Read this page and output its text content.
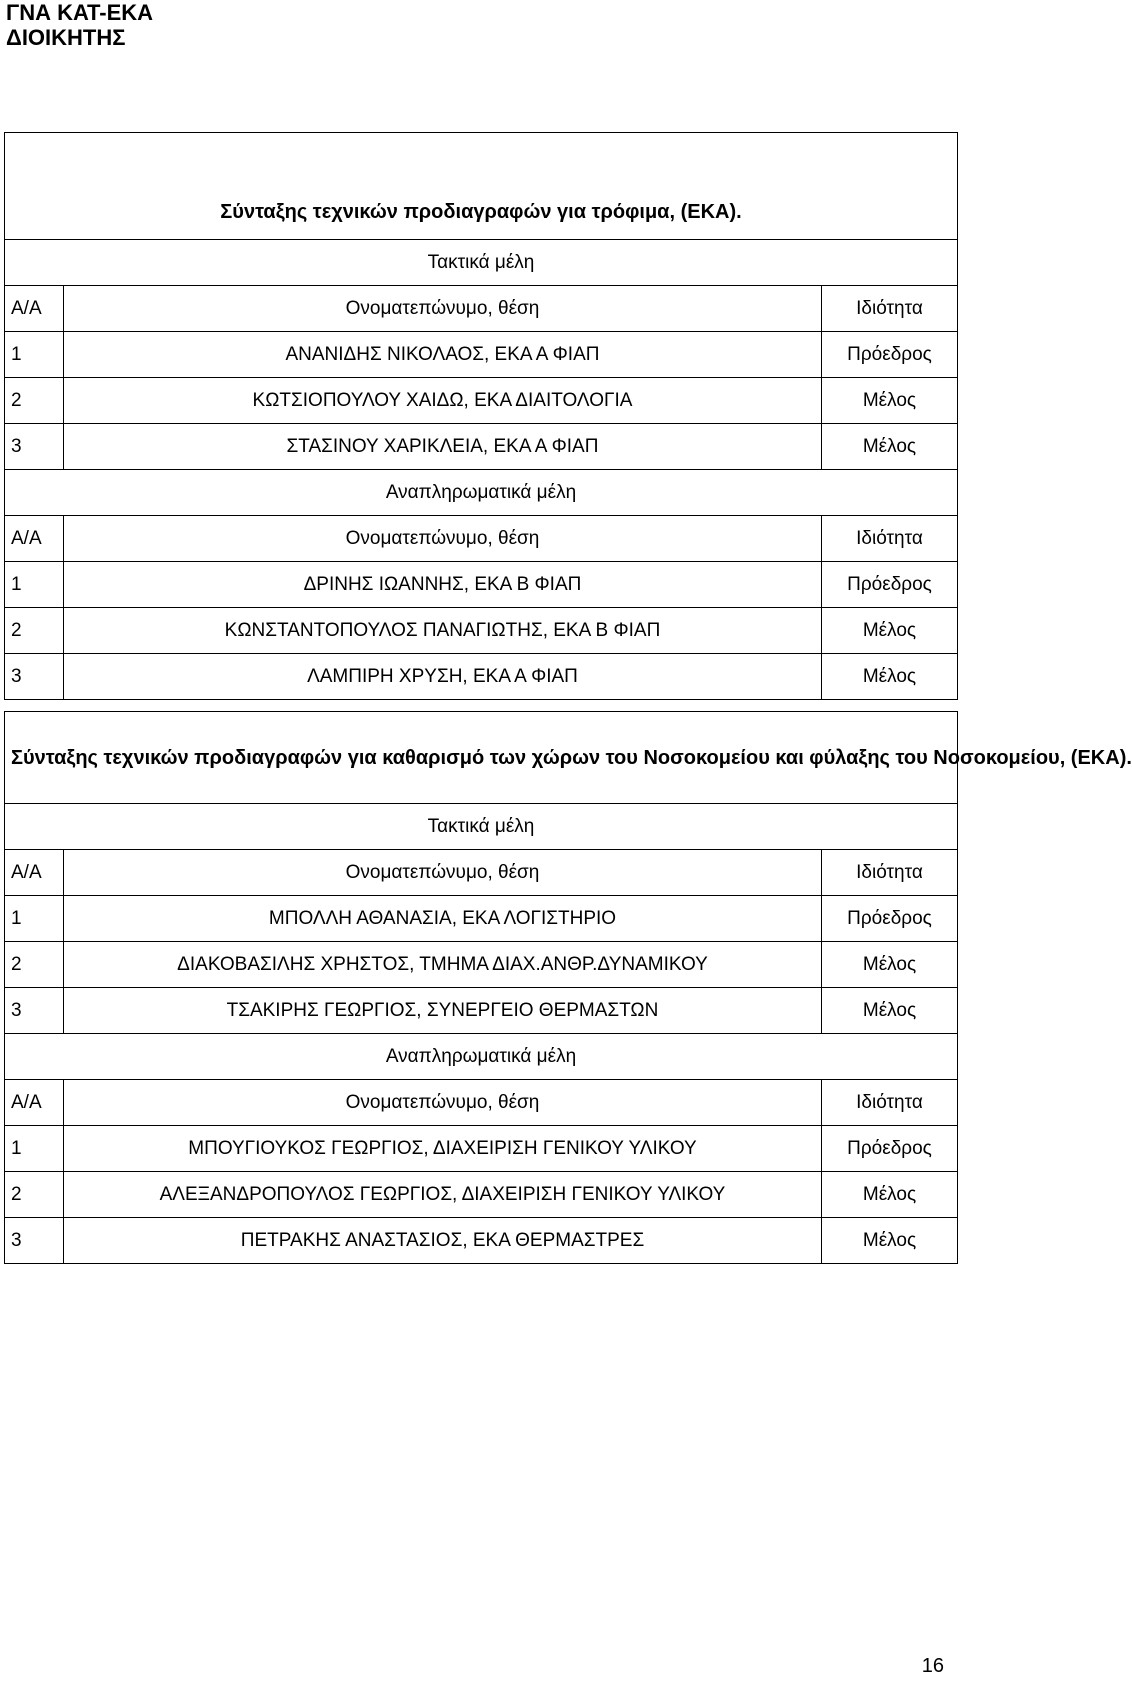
ΓΝΑ ΚΑΤ-ΕΚΑ
ΔΙΟΙΚΗΤΗΣ
Σύνταξης τεχνικών προδιαγραφών για τρόφιμα, (ΕΚΑ).		
Τακτικά μέλη		
Α/Α	Ονοματεπώνυμο, θέση	Ιδιότητα
1	ΑΝΑΝΙΔΗΣ ΝΙΚΟΛΑΟΣ, ΕΚΑ Α ΦΙΑΠ	Πρόεδρος
2	ΚΩΤΣΙΟΠΟΥΛΟΥ ΧΑΙΔΩ, ΕΚΑ ΔΙΑΙΤΟΛΟΓΙΑ	Μέλος
3	ΣΤΑΣΙΝΟΥ ΧΑΡΙΚΛΕΙΑ, ΕΚΑ Α ΦΙΑΠ	Μέλος
Αναπληρωματικά μέλη		
Α/Α	Ονοματεπώνυμο, θέση	Ιδιότητα
1	ΔΡΙΝΗΣ ΙΩΑΝΝΗΣ, ΕΚΑ Β ΦΙΑΠ	Πρόεδρος
2	ΚΩΝΣΤΑΝΤΟΠΟΥΛΟΣ ΠΑΝΑΓΙΩΤΗΣ, ΕΚΑ Β ΦΙΑΠ	Μέλος
3	ΛΑΜΠΙΡΗ ΧΡΥΣΗ, ΕΚΑ Α ΦΙΑΠ	Μέλος
Σύνταξης τεχνικών προδιαγραφών για καθαρισμό των χώρων του Νοσοκομείου και φύλαξης του Νοσοκομείου, (ΕΚΑ).		
Τακτικά μέλη		
Α/Α	Ονοματεπώνυμο, θέση	Ιδιότητα
1	ΜΠΟΛΛΗ ΑΘΑΝΑΣΙΑ, ΕΚΑ ΛΟΓΙΣΤΗΡΙΟ	Πρόεδρος
2	ΔΙΑΚΟΒΑΣΙΛΗΣ ΧΡΗΣΤΟΣ, ΤΜΗΜΑ ΔΙΑΧ.ΑΝΘΡ.ΔΥΝΑΜΙΚΟΥ	Μέλος
3	ΤΣΑΚΙΡΗΣ ΓΕΩΡΓΙΟΣ, ΣΥΝΕΡΓΕΙΟ ΘΕΡΜΑΣΤΩΝ	Μέλος
Αναπληρωματικά μέλη		
Α/Α	Ονοματεπώνυμο, θέση	Ιδιότητα
1	ΜΠΟΥΓΙΟΥΚΟΣ ΓΕΩΡΓΙΟΣ, ΔΙΑΧΕΙΡΙΣΗ ΓΕΝΙΚΟΥ ΥΛΙΚΟΥ	Πρόεδρος
2	ΑΛΕΞΑΝΔΡΟΠΟΥΛΟΣ ΓΕΩΡΓΙΟΣ, ΔΙΑΧΕΙΡΙΣΗ ΓΕΝΙΚΟΥ ΥΛΙΚΟΥ	Μέλος
3	ΠΕΤΡΑΚΗΣ ΑΝΑΣΤΑΣΙΟΣ, ΕΚΑ ΘΕΡΜΑΣΤΡΕΣ	Μέλος
16
